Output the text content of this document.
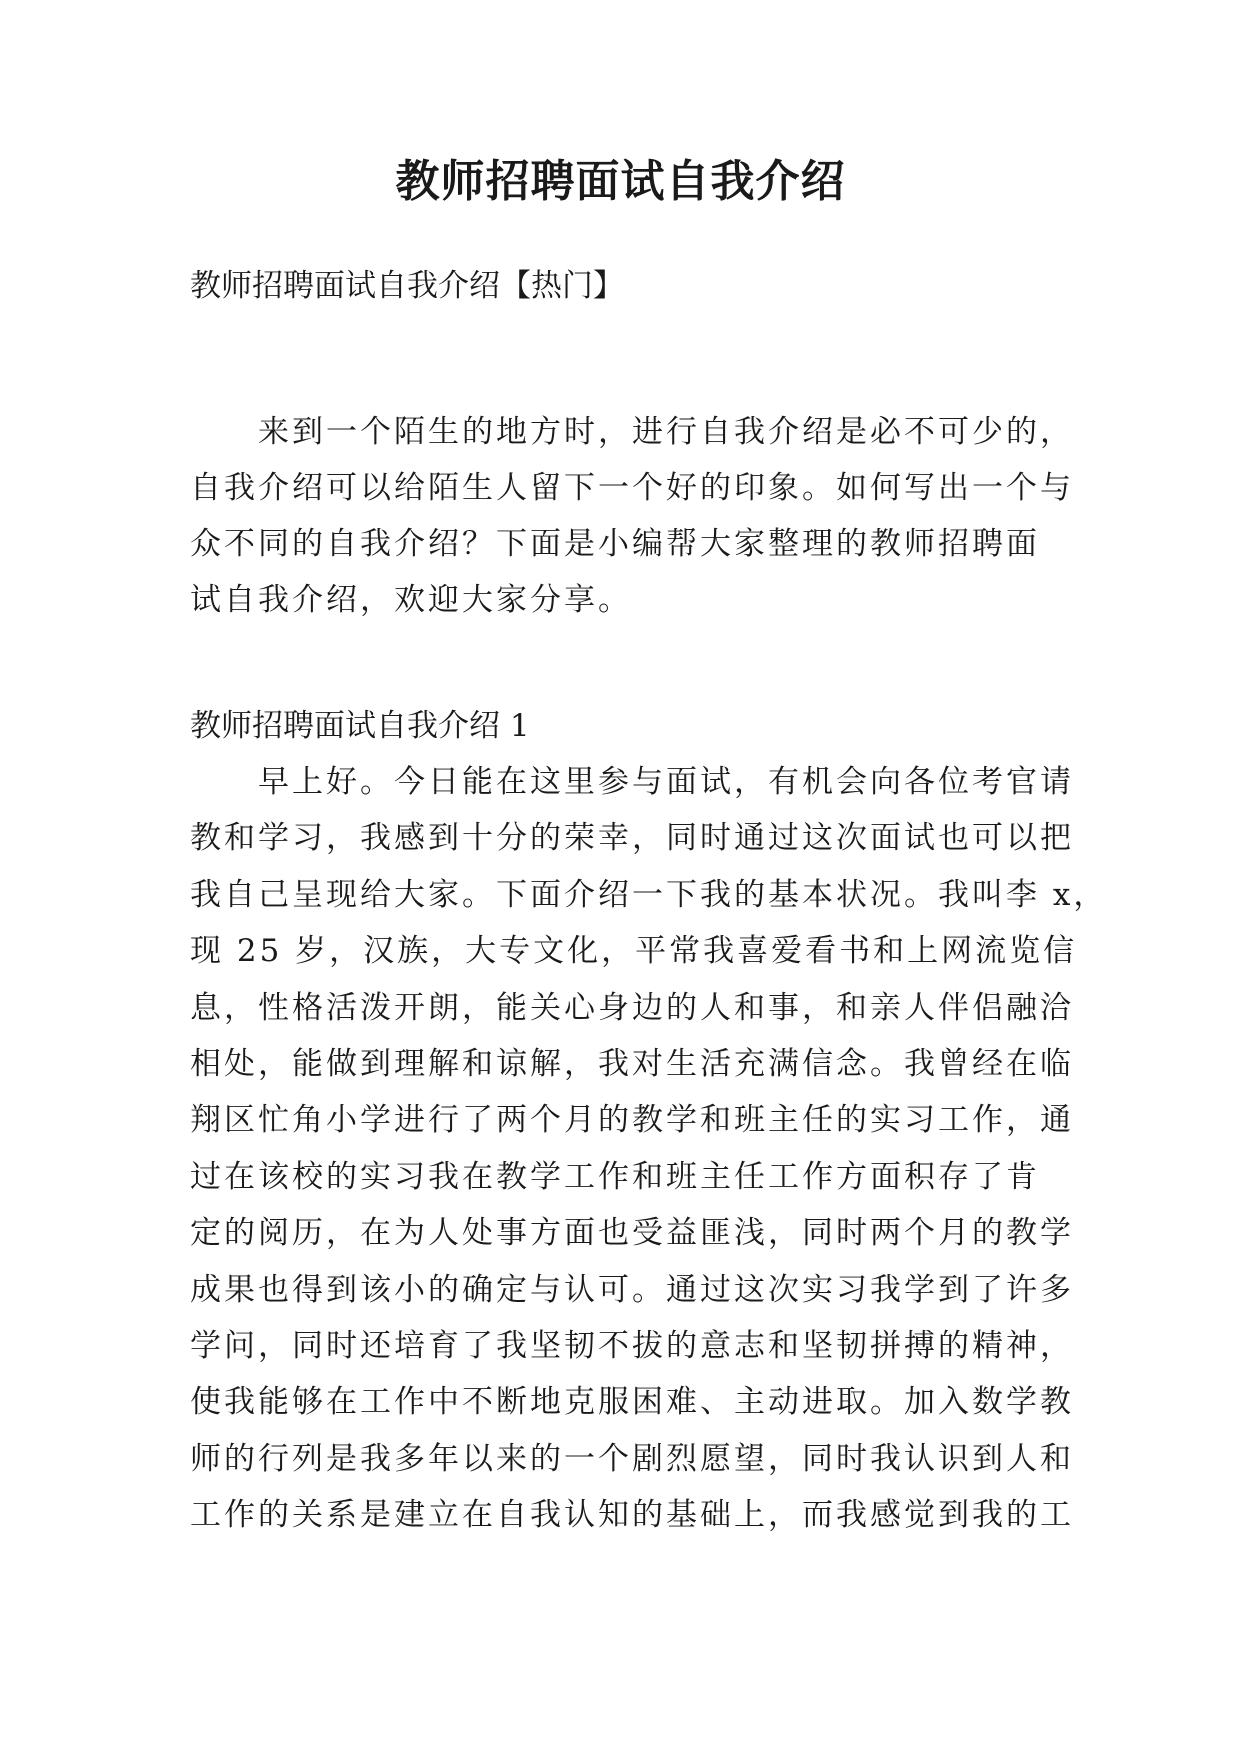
教师招聘面试自我介绍

教师招聘面试自我介绍【热门】

来到一个陌生的地方时，进行自我介绍是必不可少的，
自我介绍可以给陌生人留下一个好的印象。如何写出一个与
众不同的自我介绍？下面是小编帮大家整理的教师招聘面
试自我介绍，欢迎大家分享。

教师招聘面试自我介绍 1

早上好。今日能在这里参与面试，有机会向各位考官请
教和学习，我感到十分的荣幸，同时通过这次面试也可以把
我自己呈现给大家。下面介绍一下我的基本状况。我叫李 x，
现 25 岁，汉族，大专文化，平常我喜爱看书和上网流览信
息，性格活泼开朗，能关心身边的人和事，和亲人伴侣融洽
相处，能做到理解和谅解，我对生活充满信念。我曾经在临
翔区忙角小学进行了两个月的教学和班主任的实习工作，通
过在该校的实习我在教学工作和班主任工作方面积存了肯
定的阅历，在为人处事方面也受益匪浅，同时两个月的教学
成果也得到该小的确定与认可。通过这次实习我学到了许多
学问，同时还培育了我坚韧不拔的意志和坚韧拼搏的精神，
使我能够在工作中不断地克服困难、主动进取。加入数学教
师的行列是我多年以来的一个剧烈愿望，同时我认识到人和
工作的关系是建立在自我认知的基础上，而我感觉到我的工
